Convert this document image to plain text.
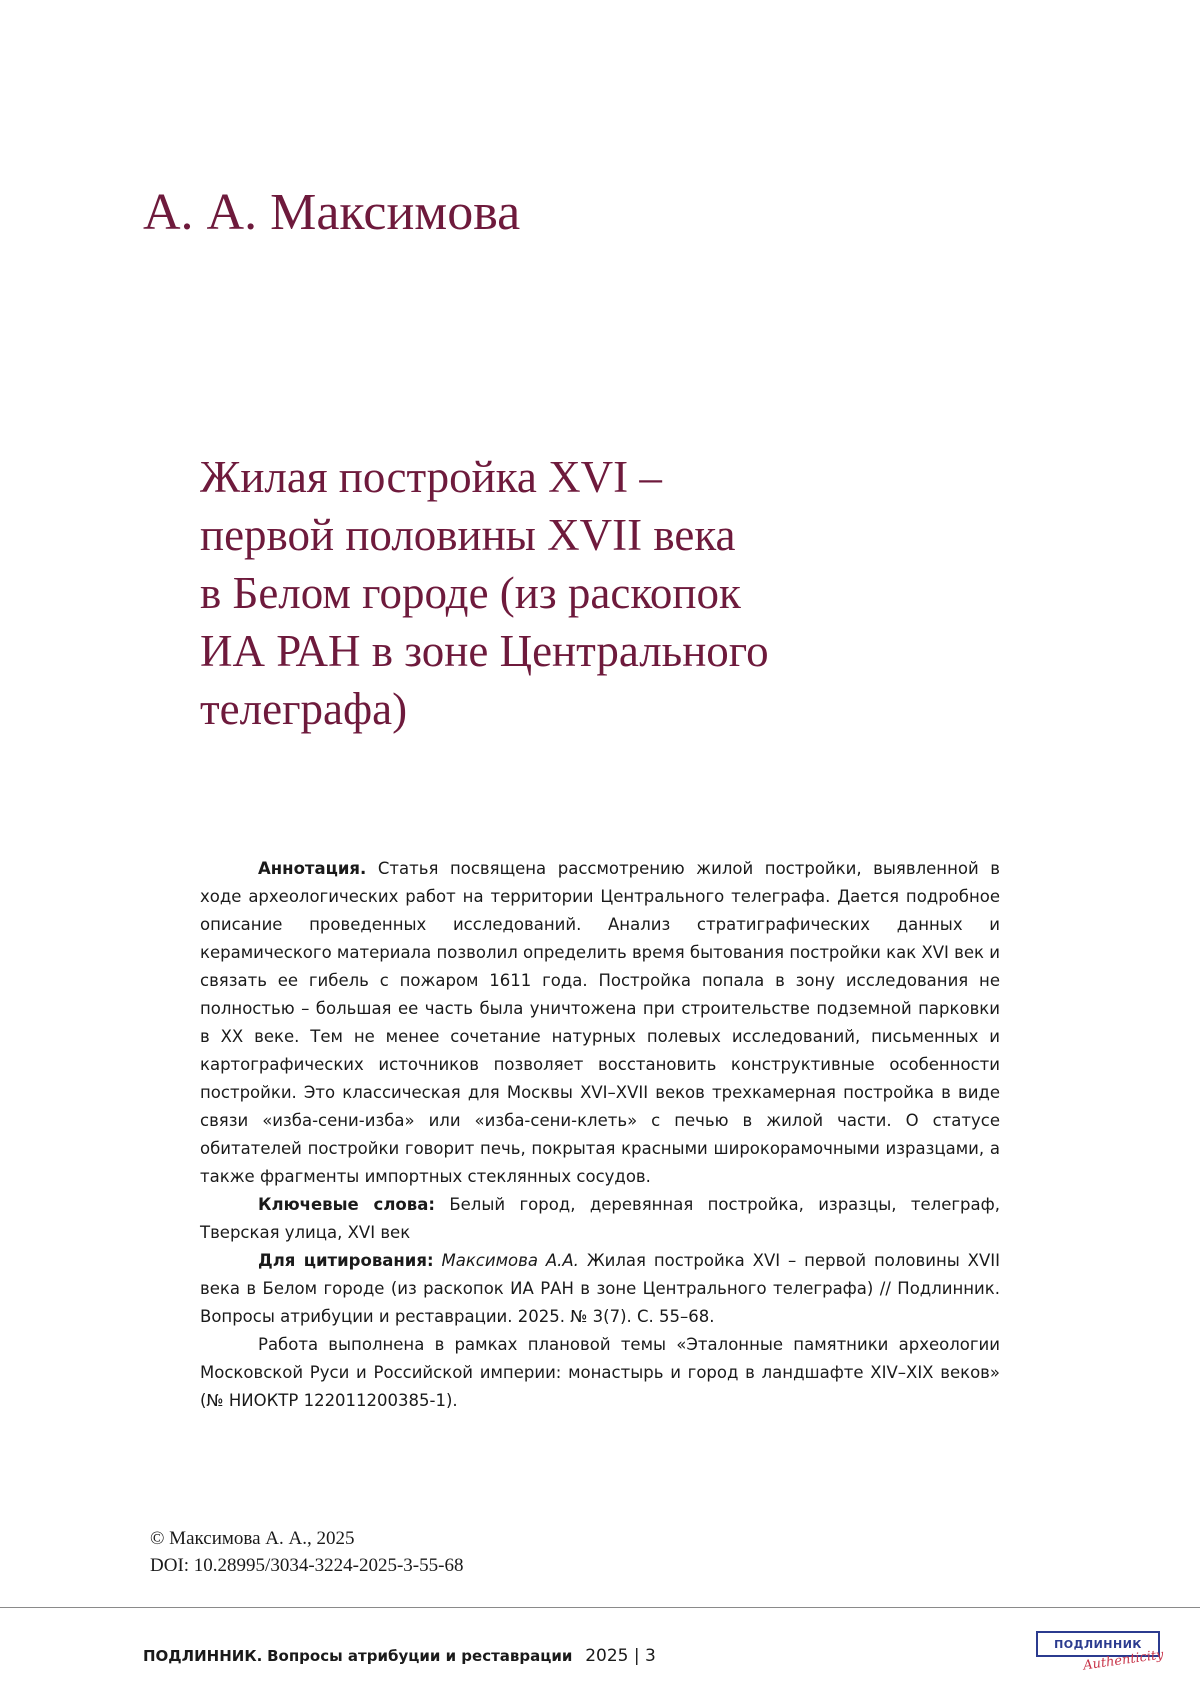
А. А. Максимова
Жилая постройка XVI –
первой половины XVII века
в Белом городе (из раскопок
ИА РАН в зоне Центрального
телеграфа)

Аннотация. Статья посвящена рассмотрению жилой постройки, выявленной в ходе археологических работ на территории Центрального телеграфа. Дается подробное описание проведенных исследований. Анализ стратиграфических данных и керамического материала позволил определить время бытования постройки как XVI век и связать ее гибель с пожаром 1611 года. Постройка попала в зону исследования не полностью – большая ее часть была уничтожена при строительстве подземной парковки в XX веке. Тем не менее сочетание натурных полевых исследований, письменных и картографических источников позволяет восстановить конструктивные особенности постройки. Это классическая для Москвы XVI–XVII веков трехкамерная постройка в виде связи «изба-сени-изба» или «изба-сени-клеть» с печью в жилой части. О статусе обитателей постройки говорит печь, покрытая красными широкорамочными изразцами, а также фрагменты импортных стеклянных сосудов.

Ключевые слова: Белый город, деревянная постройка, изразцы, телеграф, Тверская улица, XVI век

Для цитирования: Максимова А.А. Жилая постройка XVI – первой половины XVII века в Белом городе (из раскопок ИА РАН в зоне Центрального телеграфа) // Подлинник. Вопросы атрибуции и реставрации. 2025. № 3(7). С. 55–68.

Работа выполнена в рамках плановой темы «Эталонные памятники археологии Московской Руси и Российской империи: монастырь и город в ландшафте XIV–XIX веков» (№ НИОКТР 122011200385-1).

© Максимова А. А., 2025
DOI: 10.28995/3034-3224-2025-3-55-68
ПОДЛИННИК. Вопросы атрибуции и реставрации 2025 | 3
ПОДЛИННИК
Authenticity
